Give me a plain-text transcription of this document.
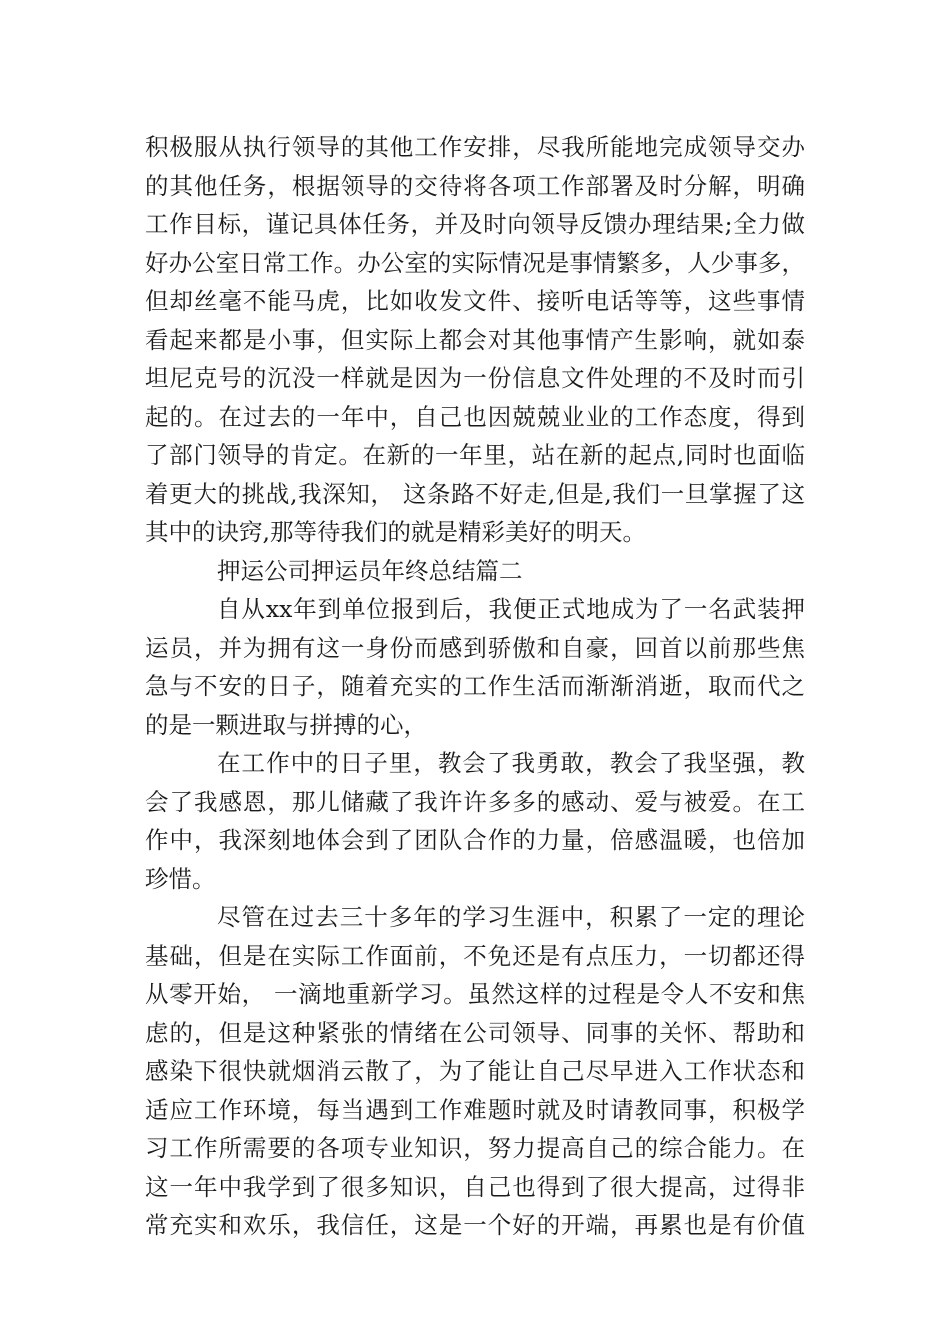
积极服从执行领导的其他工作安排，尽我所能地完成领导交办
的其他任务，根据领导的交待将各项工作部署及时分解，明确
工作目标，谨记具体任务，并及时向领导反馈办理结果;全力做
好办公室日常工作。办公室的实际情况是事情繁多，人少事多，
但却丝毫不能马虎，比如收发文件、接听电话等等，这些事情
看起来都是小事，但实际上都会对其他事情产生影响，就如泰
坦尼克号的沉没一样就是因为一份信息文件处理的不及时而引
起的。在过去的一年中，自己也因兢兢业业的工作态度，得到
了部门领导的肯定。在新的一年里，站在新的起点,同时也面临
着更大的挑战,我深知， 这条路不好走,但是,我们一旦掌握了这
其中的诀窍,那等待我们的就是精彩美好的明天。
押运公司押运员年终总结篇二
自从xx年到单位报到后，我便正式地成为了一名武装押
运员，并为拥有这一身份而感到骄傲和自豪，回首以前那些焦
急与不安的日子，随着充实的工作生活而渐渐消逝，取而代之
的是一颗进取与拼搏的心，
在工作中的日子里，教会了我勇敢，教会了我坚强，教
会了我感恩，那儿储藏了我许许多多的感动、爱与被爱。在工
作中，我深刻地体会到了团队合作的力量，倍感温暖，也倍加
珍惜。
尽管在过去三十多年的学习生涯中，积累了一定的理论
基础，但是在实际工作面前，不免还是有点压力，一切都还得
从零开始， 一滴地重新学习。虽然这样的过程是令人不安和焦
虑的，但是这种紧张的情绪在公司领导、同事的关怀、帮助和
感染下很快就烟消云散了，为了能让自己尽早进入工作状态和
适应工作环境，每当遇到工作难题时就及时请教同事，积极学
习工作所需要的各项专业知识，努力提高自己的综合能力。在
这一年中我学到了很多知识，自己也得到了很大提高，过得非
常充实和欢乐，我信任，这是一个好的开端，再累也是有价值
